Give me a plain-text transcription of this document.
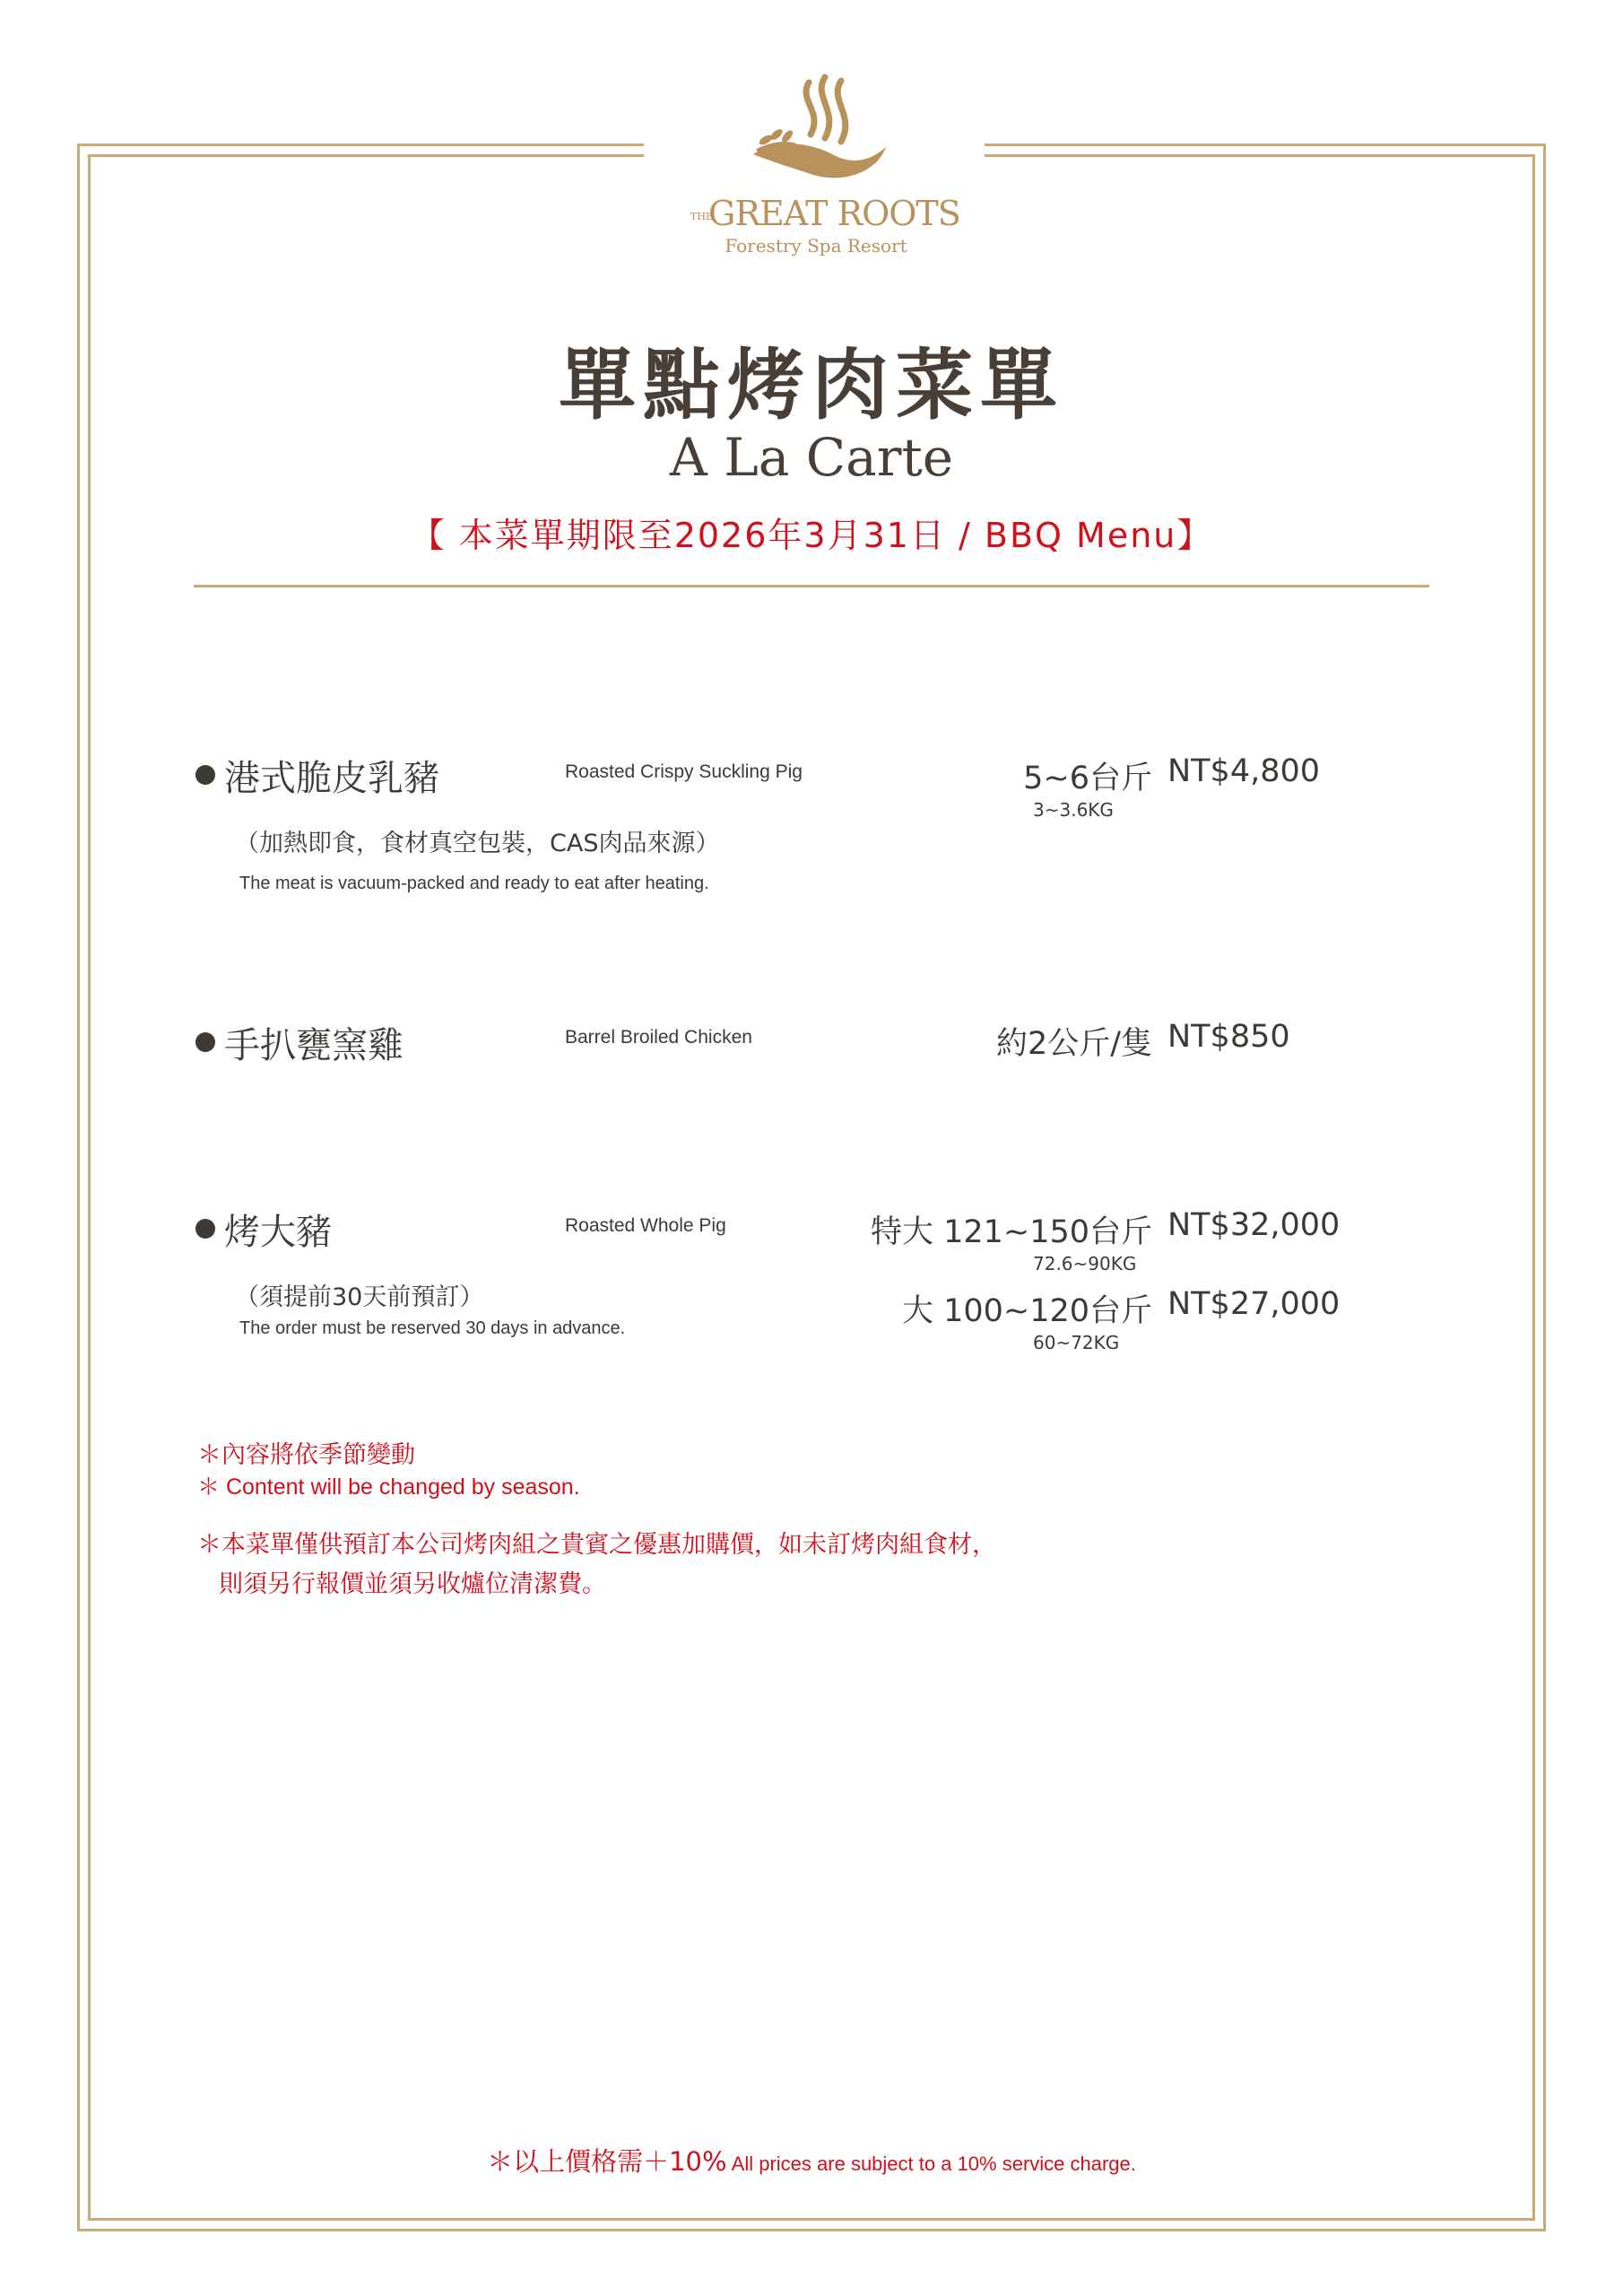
THEGREAT ROOTS
Forestry Spa Resort
單點烤肉菜單
A La Carte
【 本菜單期限至2026年3月31日 / BBQ Menu】
港式脆皮乳豬	Roasted Crispy Suckling Pig
（加熱即食，食材真空包裝，CAS肉品來源）
The meat is vacuum-packed and ready to eat after heating.
5~6台斤 NT$4,800
3~3.6KG
手扒甕窯雞	Barrel Broiled Chicken	約2公斤/隻 NT$850
烤大豬	Roasted Whole Pig
（須提前30天前預訂）
The order must be reserved 30 days in advance.
特大 121~150台斤 NT$32,000
72.6~90KG
大 100~120台斤 NT$27,000
60~72KG
＊內容將依季節變動
＊ Content will be changed by season.
＊本菜單僅供預訂本公司烤肉組之貴賓之優惠加購價，如未訂烤肉組食材，
則須另行報價並須另收爐位清潔費。
＊以上價格需＋10% All prices are subject to a 10% service charge.
